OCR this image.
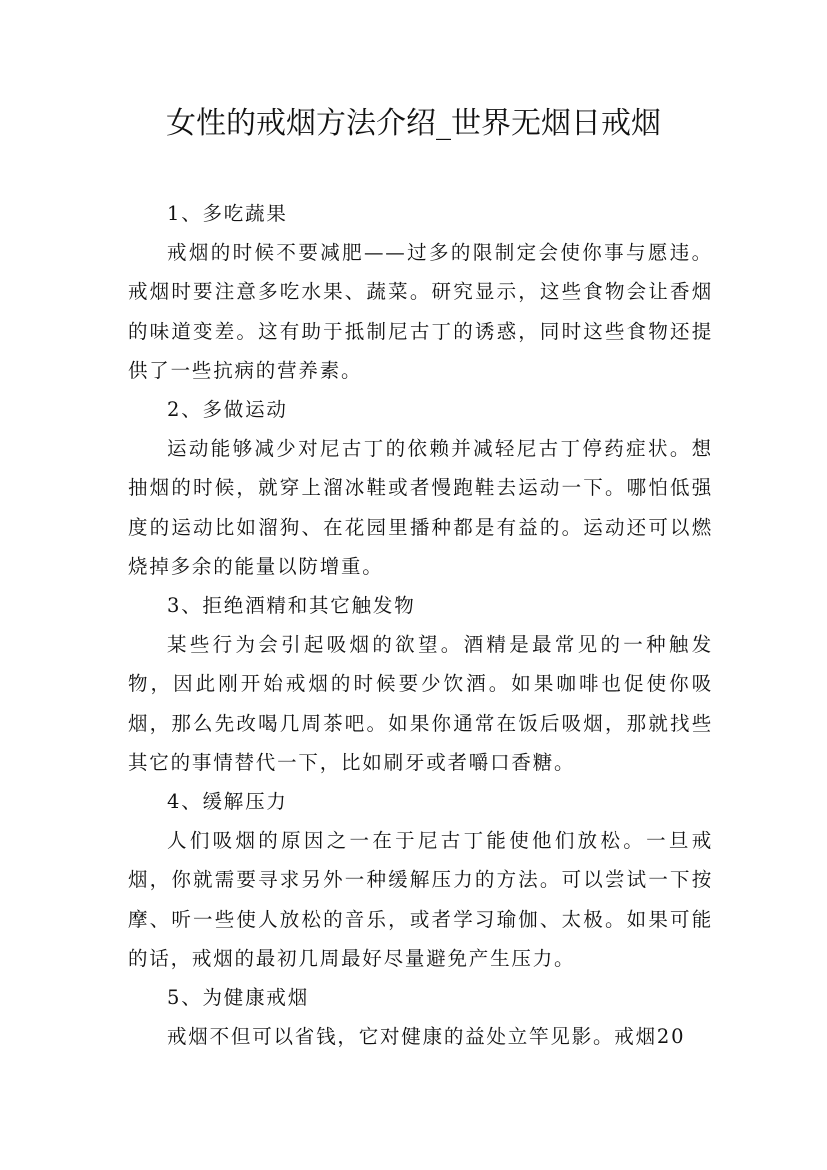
女性的戒烟方法介绍_世界无烟日戒烟

1、多吃蔬果

戒烟的时候不要减肥——过多的限制定会使你事与愿违。戒烟时要注意多吃水果、蔬菜。研究显示，这些食物会让香烟的味道变差。这有助于抵制尼古丁的诱惑，同时这些食物还提供了一些抗病的营养素。

2、多做运动

运动能够减少对尼古丁的依赖并减轻尼古丁停药症状。想抽烟的时候，就穿上溜冰鞋或者慢跑鞋去运动一下。哪怕低强度的运动比如溜狗、在花园里播种都是有益的。运动还可以燃烧掉多余的能量以防增重。

3、拒绝酒精和其它触发物

某些行为会引起吸烟的欲望。酒精是最常见的一种触发物，因此刚开始戒烟的时候要少饮酒。如果咖啡也促使你吸烟，那么先改喝几周茶吧。如果你通常在饭后吸烟，那就找些其它的事情替代一下，比如刷牙或者嚼口香糖。

4、缓解压力

人们吸烟的原因之一在于尼古丁能使他们放松。一旦戒烟，你就需要寻求另外一种缓解压力的方法。可以尝试一下按摩、听一些使人放松的音乐，或者学习瑜伽、太极。如果可能的话，戒烟的最初几周最好尽量避免产生压力。

5、为健康戒烟

戒烟不但可以省钱，它对健康的益处立竿见影。戒烟20
